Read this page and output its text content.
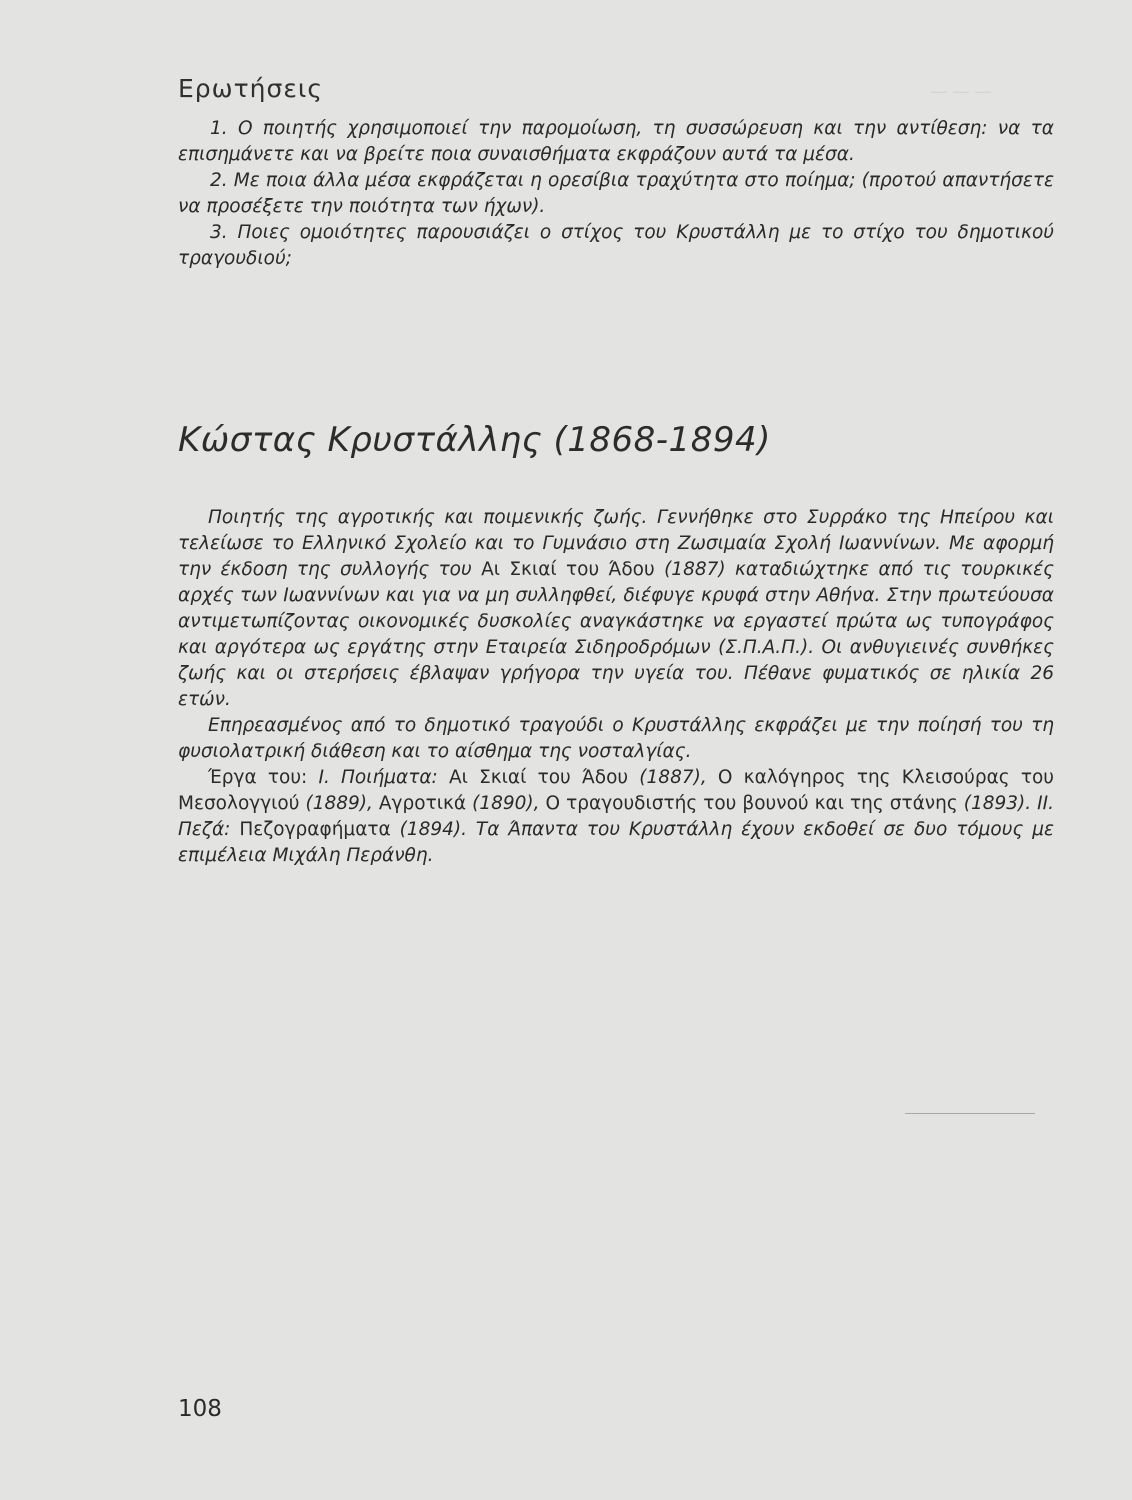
— — —
Ερωτήσεις

1. Ο ποιητής χρησιμοποιεί την παρομοίωση, τη συσσώρευση και την αντίθεση: να τα επισημάνετε και να βρείτε ποια συναισθήματα εκφράζουν αυτά τα μέσα.

2. Με ποια άλλα μέσα εκφράζεται η ορεσίβια τραχύτητα στο ποίημα; (προτού απαντήσετε να προσέξετε την ποιότητα των ήχων).

3. Ποιες ομοιότητες παρουσιάζει ο στίχος του Κρυστάλλη με το στίχο του δημοτικού τραγουδιού;

Κώστας Κρυστάλλης (1868-1894)

Ποιητής της αγροτικής και ποιμενικής ζωής. Γεννήθηκε στο Συρράκο της Ηπείρου και τελείωσε το Ελληνικό Σχολείο και το Γυμνάσιο στη Ζωσιμαία Σχολή Ιωαννίνων. Με αφορμή την έκδοση της συλλογής του Αι Σκιαί του Άδου (1887) καταδιώχτηκε από τις τουρκικές αρχές των Ιωαννίνων και για να μη συλληφθεί, διέφυγε κρυφά στην Αθήνα. Στην πρωτεύουσα αντιμετωπίζοντας οικονομικές δυσκολίες αναγκάστηκε να εργαστεί πρώτα ως τυπογράφος και αργότερα ως εργάτης στην Εταιρεία Σιδηροδρόμων (Σ.Π.Α.Π.). Οι ανθυγιεινές συνθήκες ζωής και οι στερήσεις έβλαψαν γρήγορα την υγεία του. Πέθανε φυματικός σε ηλικία 26 ετών.

Επηρεασμένος από το δημοτικό τραγούδι ο Κρυστάλλης εκφράζει με την ποίησή του τη φυσιολατρική διάθεση και το αίσθημα της νοσταλγίας.

Έργα του: Ι. Ποιήματα: Αι Σκιαί του Άδου (1887), Ο καλόγηρος της Κλεισούρας του Μεσολογγιού (1889), Αγροτικά (1890), Ο τραγουδιστής του βουνού και της στάνης (1893). ΙΙ. Πεζά: Πεζογραφήματα (1894). Τα Άπαντα του Κρυστάλλη έχουν εκδοθεί σε δυο τόμους με επιμέλεια Μιχάλη Περάνθη.

108
